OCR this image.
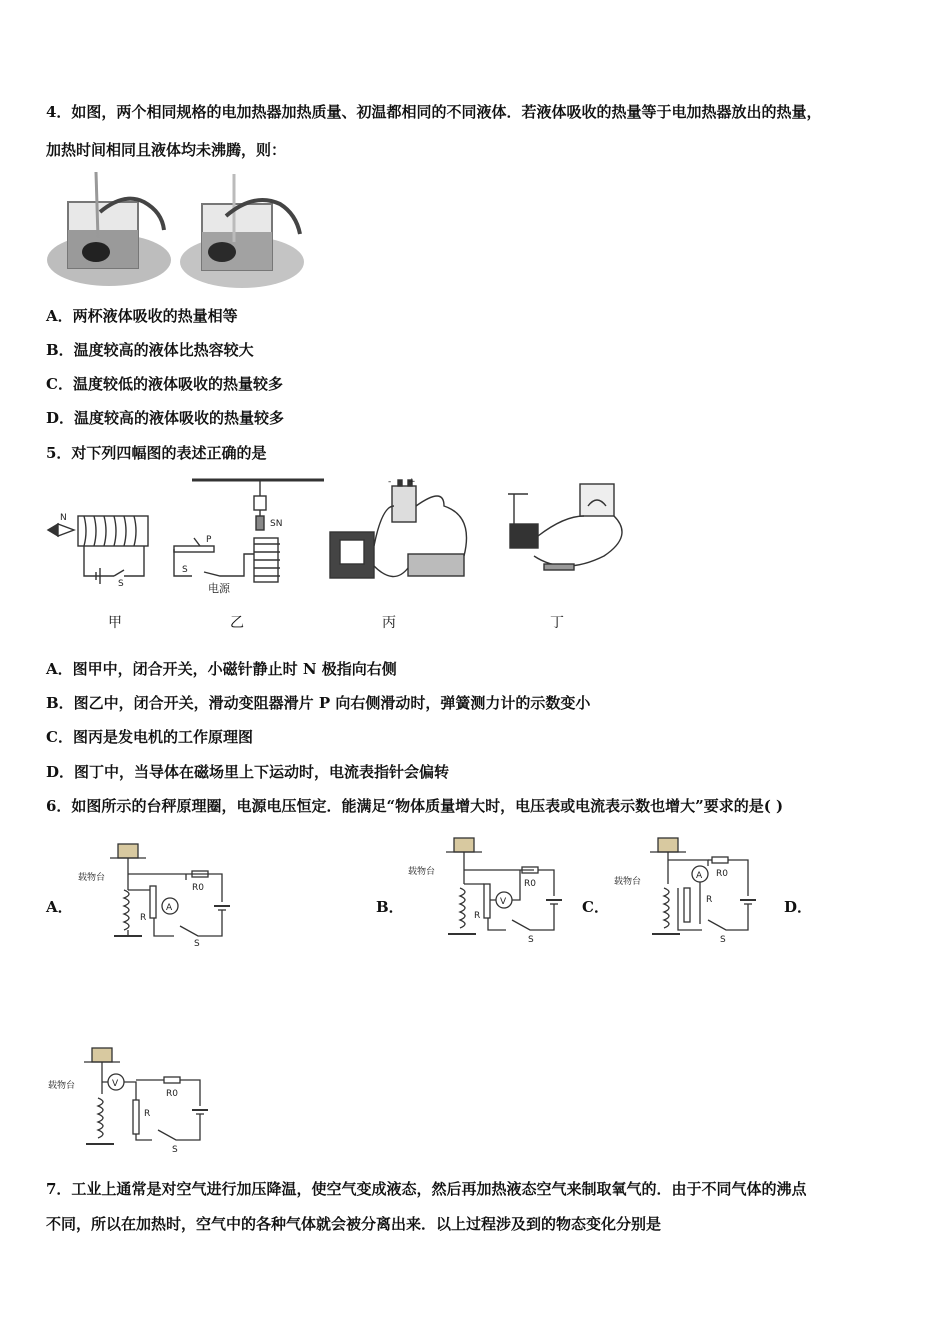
4．如图，两个相同规格的电加热器加热质量、初温都相同的不同液体．若液体吸收的热量等于电加热器放出的热量，
加热时间相同且液体均未沸腾，则：
A．两杯液体吸收的热量相等
B．温度较高的液体比热容较大
C．温度较低的液体吸收的热量较多
D．温度较高的液体吸收的热量较多
5．对下列四幅图的表述正确的是
N
S
SN
P
S
电源
- +
甲	乙	丙	丁
A．图甲中，闭合开关，小磁针静止时 N 极指向右侧
B．图乙中，闭合开关，滑动变阻器滑片 P 向右侧滑动时，弹簧测力计的示数变小
C．图丙是发电机的工作原理图
D．图丁中，当导体在磁场里上下运动时，电流表指针会偏转
6．如图所示的台秤原理圈，电源电压恒定．能满足“物体质量增大时，电压表或电流表示数也增大”要求的是( )
A．	B．	C．	D．
载物台
A
R0
R
S
载物台
V
R0
R
S
载物台
A R0
R
S
载物台	V
R0
R
S
7．工业上通常是对空气进行加压降温，使空气变成液态，然后再加热液态空气来制取氧气的．由于不同气体的沸点
不同，所以在加热时，空气中的各种气体就会被分离出来．以上过程涉及到的物态变化分别是
